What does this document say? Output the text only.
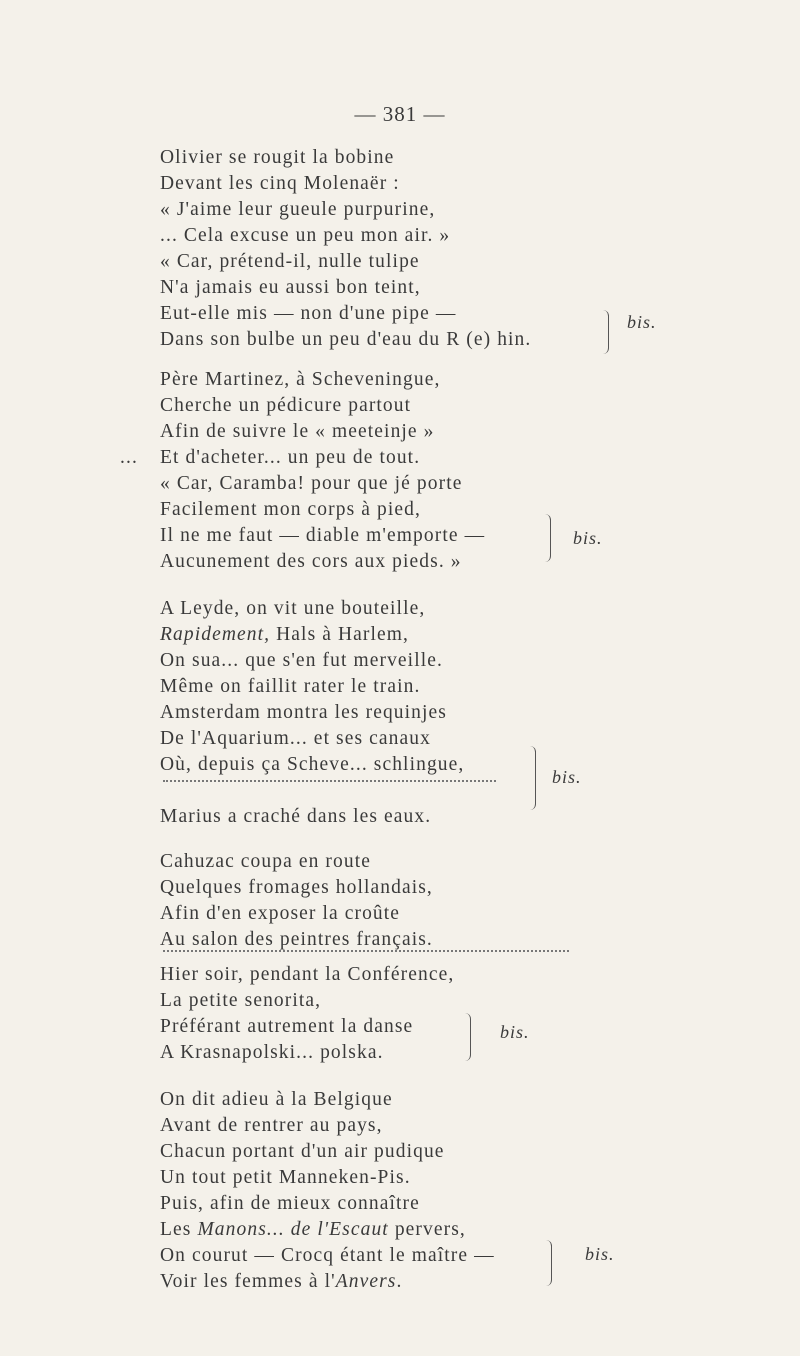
— 381 —
Olivier se rougit la bobine
Devant les cinq Molenaër :
« J'aime leur gueule purpurine,
... Cela excuse un peu mon air. »
« Car, prétend-il, nulle tulipe
N'a jamais eu aussi bon teint,
Eut-elle mis — non d'une pipe —
Dans son bulbe un peu d'eau du R (e) hin.
bis.
Père Martinez, à Scheveningue,
Cherche un pédicure partout
Afin de suivre le « meeteinje »
... Et d'acheter... un peu de tout.
« Car, Caramba! pour que jé porte
Facilement mon corps à pied,
Il ne me faut — diable m'emporte —
Aucunement des cors aux pieds. »
bis.
A Leyde, on vit une bouteille,
Rapidement, Hals à Harlem,
On sua... que s'en fut merveille.
Même on faillit rater le train.
Amsterdam montra les requinjes
De l'Aquarium... et ses canaux
Où, depuis ça Scheve... schlingue,
Marius a craché dans les eaux.
bis.
Cahuzac coupa en route
Quelques fromages hollandais,
Afin d'en exposer la croûte
Au salon des peintres français.
Hier soir, pendant la Conférence,
La petite senorita,
Préférant autrement la danse
A Krasnapolski... polska.
bis.
On dit adieu à la Belgique
Avant de rentrer au pays,
Chacun portant d'un air pudique
Un tout petit Manneken-Pis.
Puis, afin de mieux connaître
Les Manons... de l'Escaut pervers,
On courut — Crocq étant le maître —
Voir les femmes à l'Anvers.
bis.
